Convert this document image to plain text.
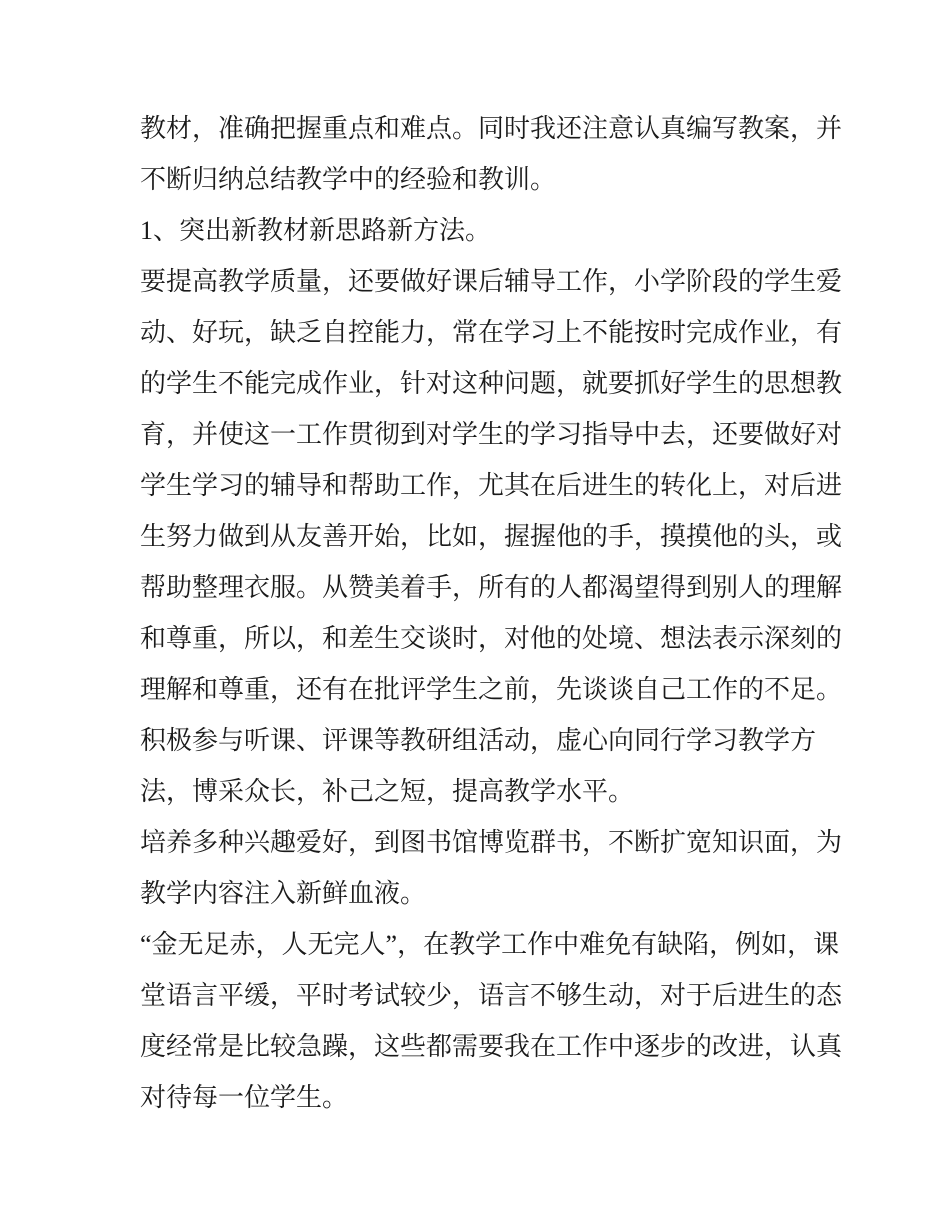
教材，准确把握重点和难点。同时我还注意认真编写教案，并
不断归纳总结教学中的经验和教训。
1、突出新教材新思路新方法。
要提高教学质量，还要做好课后辅导工作，小学阶段的学生爱
动、好玩，缺乏自控能力，常在学习上不能按时完成作业，有
的学生不能完成作业，针对这种问题，就要抓好学生的思想教
育，并使这一工作贯彻到对学生的学习指导中去，还要做好对
学生学习的辅导和帮助工作，尤其在后进生的转化上，对后进
生努力做到从友善开始，比如，握握他的手，摸摸他的头，或
帮助整理衣服。从赞美着手，所有的人都渴望得到别人的理解
和尊重，所以，和差生交谈时，对他的处境、想法表示深刻的
理解和尊重，还有在批评学生之前，先谈谈自己工作的不足。
积极参与听课、评课等教研组活动，虚心向同行学习教学方
法，博采众长，补己之短，提高教学水平。
培养多种兴趣爱好，到图书馆博览群书，不断扩宽知识面，为
教学内容注入新鲜血液。
“金无足赤，人无完人”，在教学工作中难免有缺陷，例如，课
堂语言平缓，平时考试较少，语言不够生动，对于后进生的态
度经常是比较急躁，这些都需要我在工作中逐步的改进，认真
对待每一位学生。
